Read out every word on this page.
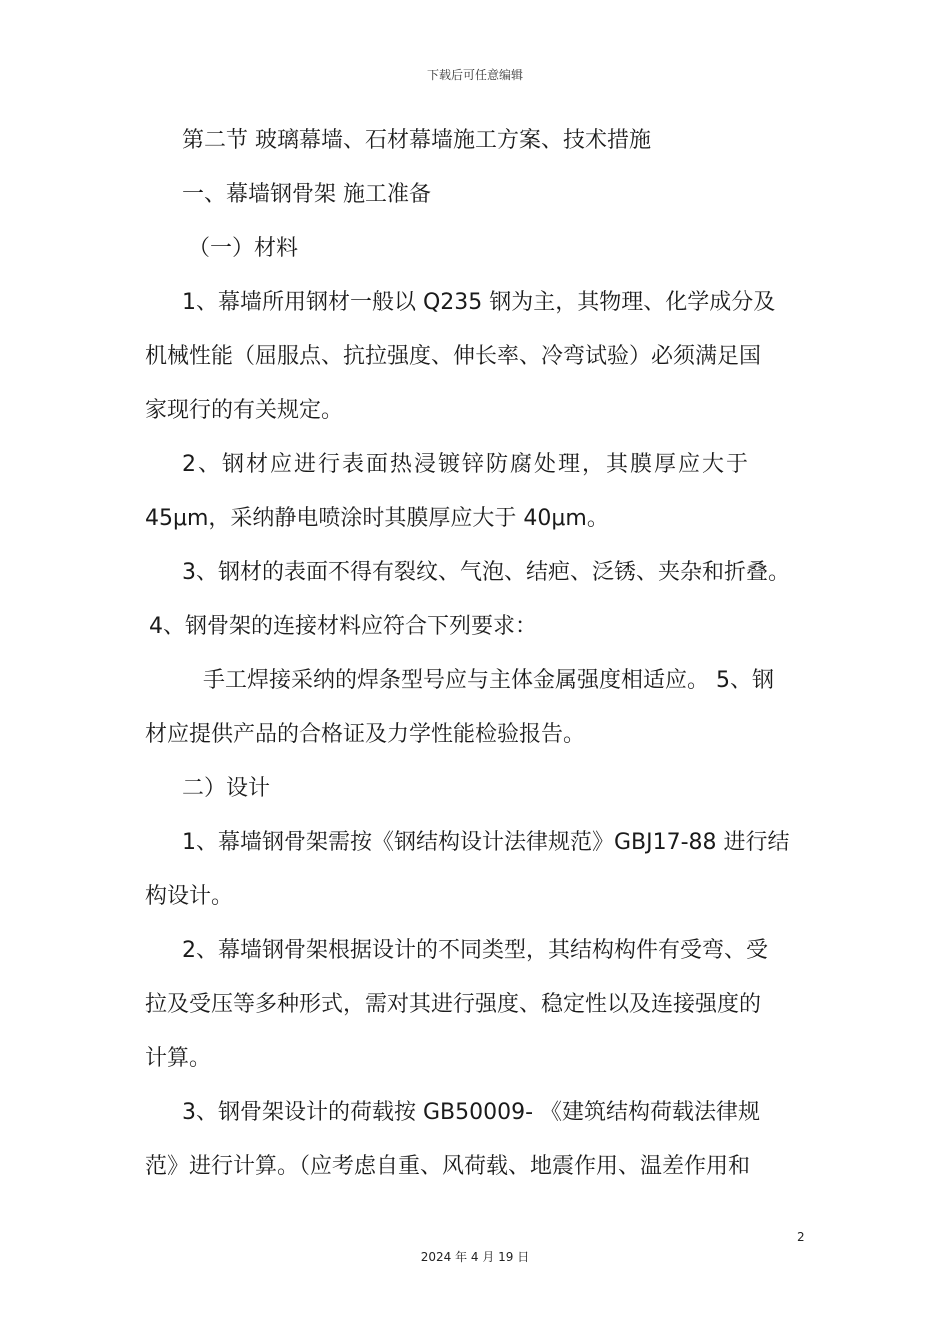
下载后可任意编辑
第二节 玻璃幕墙、石材幕墙施工方案、技术措施
一、幕墙钢骨架 施工准备
（一）材料
1、幕墙所用钢材一般以 Q235 钢为主，其物理、化学成分及
机械性能（屈服点、抗拉强度、伸长率、冷弯试验）必须满足国
家现行的有关规定。
2、钢材应进行表面热浸镀锌防腐处理，其膜厚应大于
45μm，采纳静电喷涂时其膜厚应大于 40μm。
3、钢材的表面不得有裂纹、气泡、结疤、泛锈、夹杂和折叠。
4、钢骨架的连接材料应符合下列要求：
手工焊接采纳的焊条型号应与主体金属强度相适应。 5、钢
材应提供产品的合格证及力学性能检验报告。
二）设计
1、幕墙钢骨架需按《钢结构设计法律规范》GBJ17-88 进行结
构设计。
2、幕墙钢骨架根据设计的不同类型，其结构构件有受弯、受
拉及受压等多种形式，需对其进行强度、稳定性以及连接强度的
计算。
3、钢骨架设计的荷载按 GB50009- 《建筑结构荷载法律规
范》进行计算。（应考虑自重、风荷载、地震作用、温差作用和
2
2024 年 4 月 19 日
